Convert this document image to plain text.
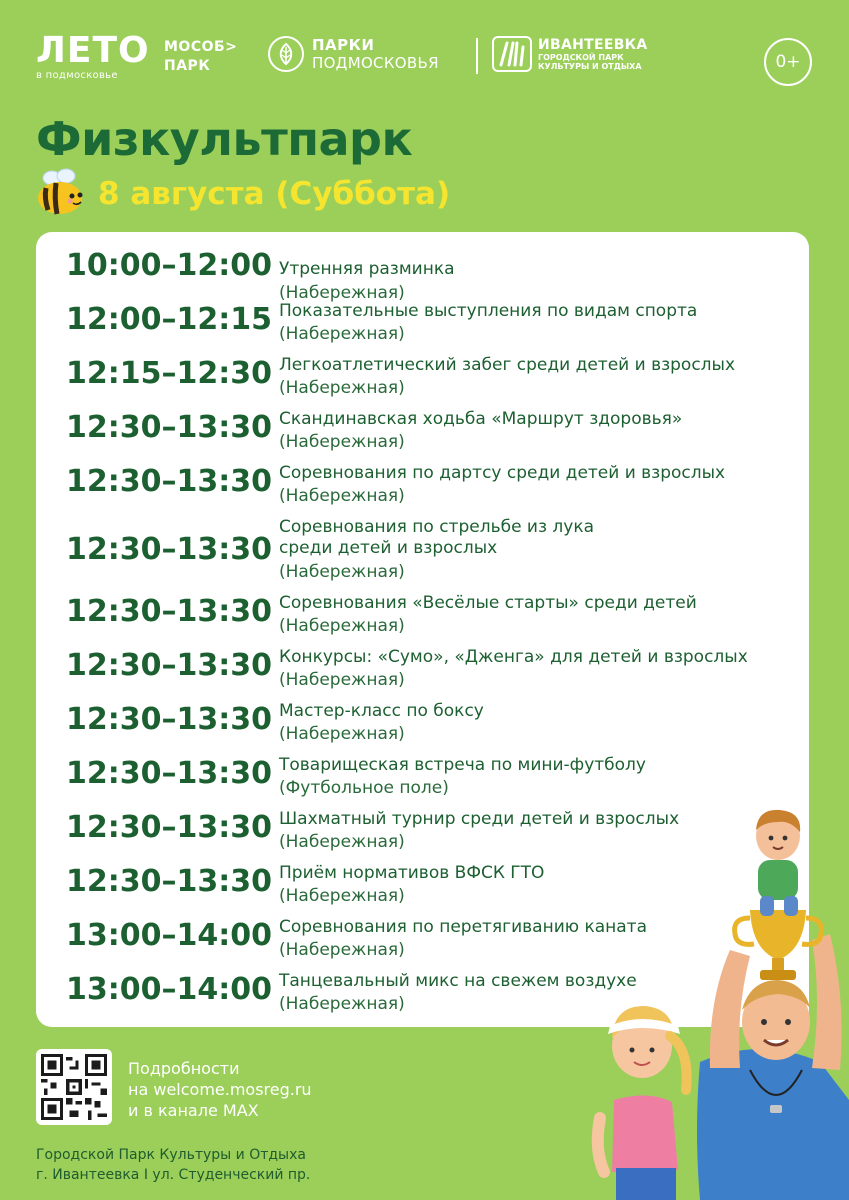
ЛЕТО
в подмосковье
МОСОБ>
ПАРК
ПАРКИ
ПОДМОСКОВЬЯ
ИВАНТЕЕВКА
ГОРОДСКОЙ ПАРК
КУЛЬТУРЫ И ОТДЫХА	0+
Физкультпарк
8 августа (Суббота)
10:00–12:00 Утренняя разминка
(Набережная)
12:00–12:15 Показательные выступления по видам спорта
(Набережная)
12:15–12:30 Легкоатлетический забег среди детей и взрослых
(Набережная)
12:30–13:30 Скандинавская ходьба «Маршрут здоровья»
(Набережная)
12:30–13:30 Соревнования по дартсу среди детей и взрослых
(Набережная)
12:30–13:30
Соревнования по стрельбе из лука
среди детей и взрослых
(Набережная)
12:30–13:30 Соревнования «Весёлые старты» среди детей
(Набережная)
12:30–13:30 Конкурсы: «Сумо», «Дженга» для детей и взрослых
(Набережная)
12:30–13:30 Мастер-класс по боксу
(Набережная)
12:30–13:30 Товарищеская встреча по мини-футболу
(Футбольное поле)
12:30–13:30 Шахматный турнир среди детей и взрослых
(Набережная)
12:30–13:30 Приём нормативов ВФСК ГТО
(Набережная)
13:00–14:00 Соревнования по перетягиванию каната
(Набережная)
13:00–14:00 Танцевальный микс на свежем воздухе
(Набережная)
Подробности
на welcome.mosreg.ru
и в канале MAX
Городской Парк Культуры и Отдыха
г. Ивантеевка I ул. Студенческий пр.
